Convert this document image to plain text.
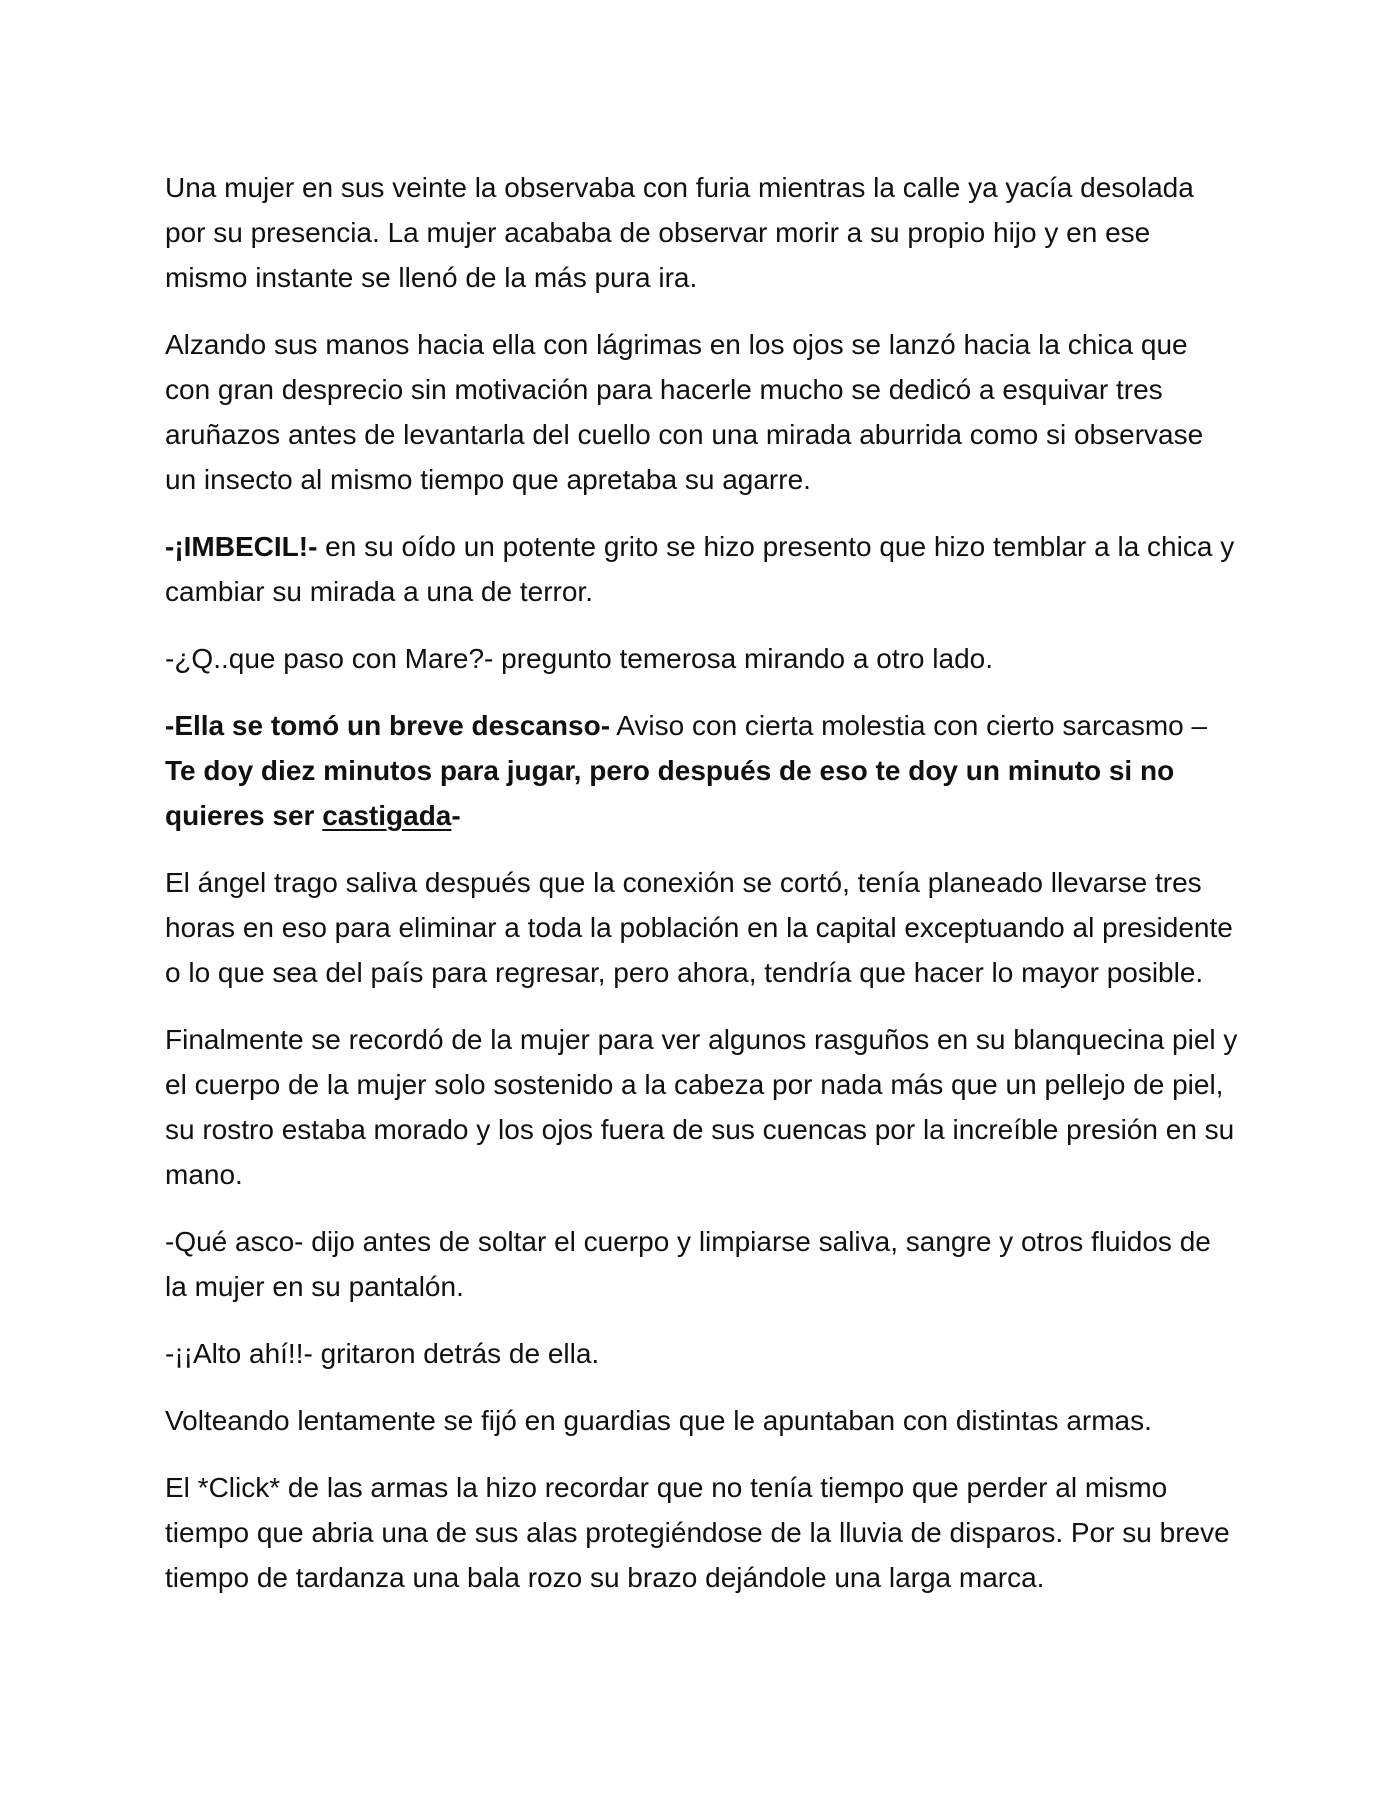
Una mujer en sus veinte la observaba con furia mientras la calle ya yacía desolada por su presencia. La mujer acababa de observar morir a su propio hijo y en ese mismo instante se llenó de la más pura ira.

Alzando sus manos hacia ella con lágrimas en los ojos se lanzó hacia la chica que con gran desprecio sin motivación para hacerle mucho se dedicó a esquivar tres aruñazos antes de levantarla del cuello con una mirada aburrida como si observase un insecto al mismo tiempo que apretaba su agarre.

-¡IMBECIL!- en su oído un potente grito se hizo presento que hizo temblar a la chica y cambiar su mirada a una de terror.

-¿Q..que paso con Mare?- pregunto temerosa mirando a otro lado.

-Ella se tomó un breve descanso- Aviso con cierta molestia con cierto sarcasmo – Te doy diez minutos para jugar, pero después de eso te doy un minuto si no quieres ser castigada-

El ángel trago saliva después que la conexión se cortó, tenía planeado llevarse tres horas en eso para eliminar a toda la población en la capital exceptuando al presidente o lo que sea del país para regresar, pero ahora, tendría que hacer lo mayor posible.

Finalmente se recordó de la mujer para ver algunos rasguños en su blanquecina piel y el cuerpo de la mujer solo sostenido a la cabeza por nada más que un pellejo de piel, su rostro estaba morado y los ojos fuera de sus cuencas por la increíble presión en su mano.

-Qué asco- dijo antes de soltar el cuerpo y limpiarse saliva, sangre y otros fluidos de la mujer en su pantalón.

-¡¡Alto ahí!!- gritaron detrás de ella.

Volteando lentamente se fijó en guardias que le apuntaban con distintas armas.

El *Click* de las armas la hizo recordar que no tenía tiempo que perder al mismo tiempo que abria una de sus alas protegiéndose de la lluvia de disparos. Por su breve tiempo de tardanza una bala rozo su brazo dejándole una larga marca.
